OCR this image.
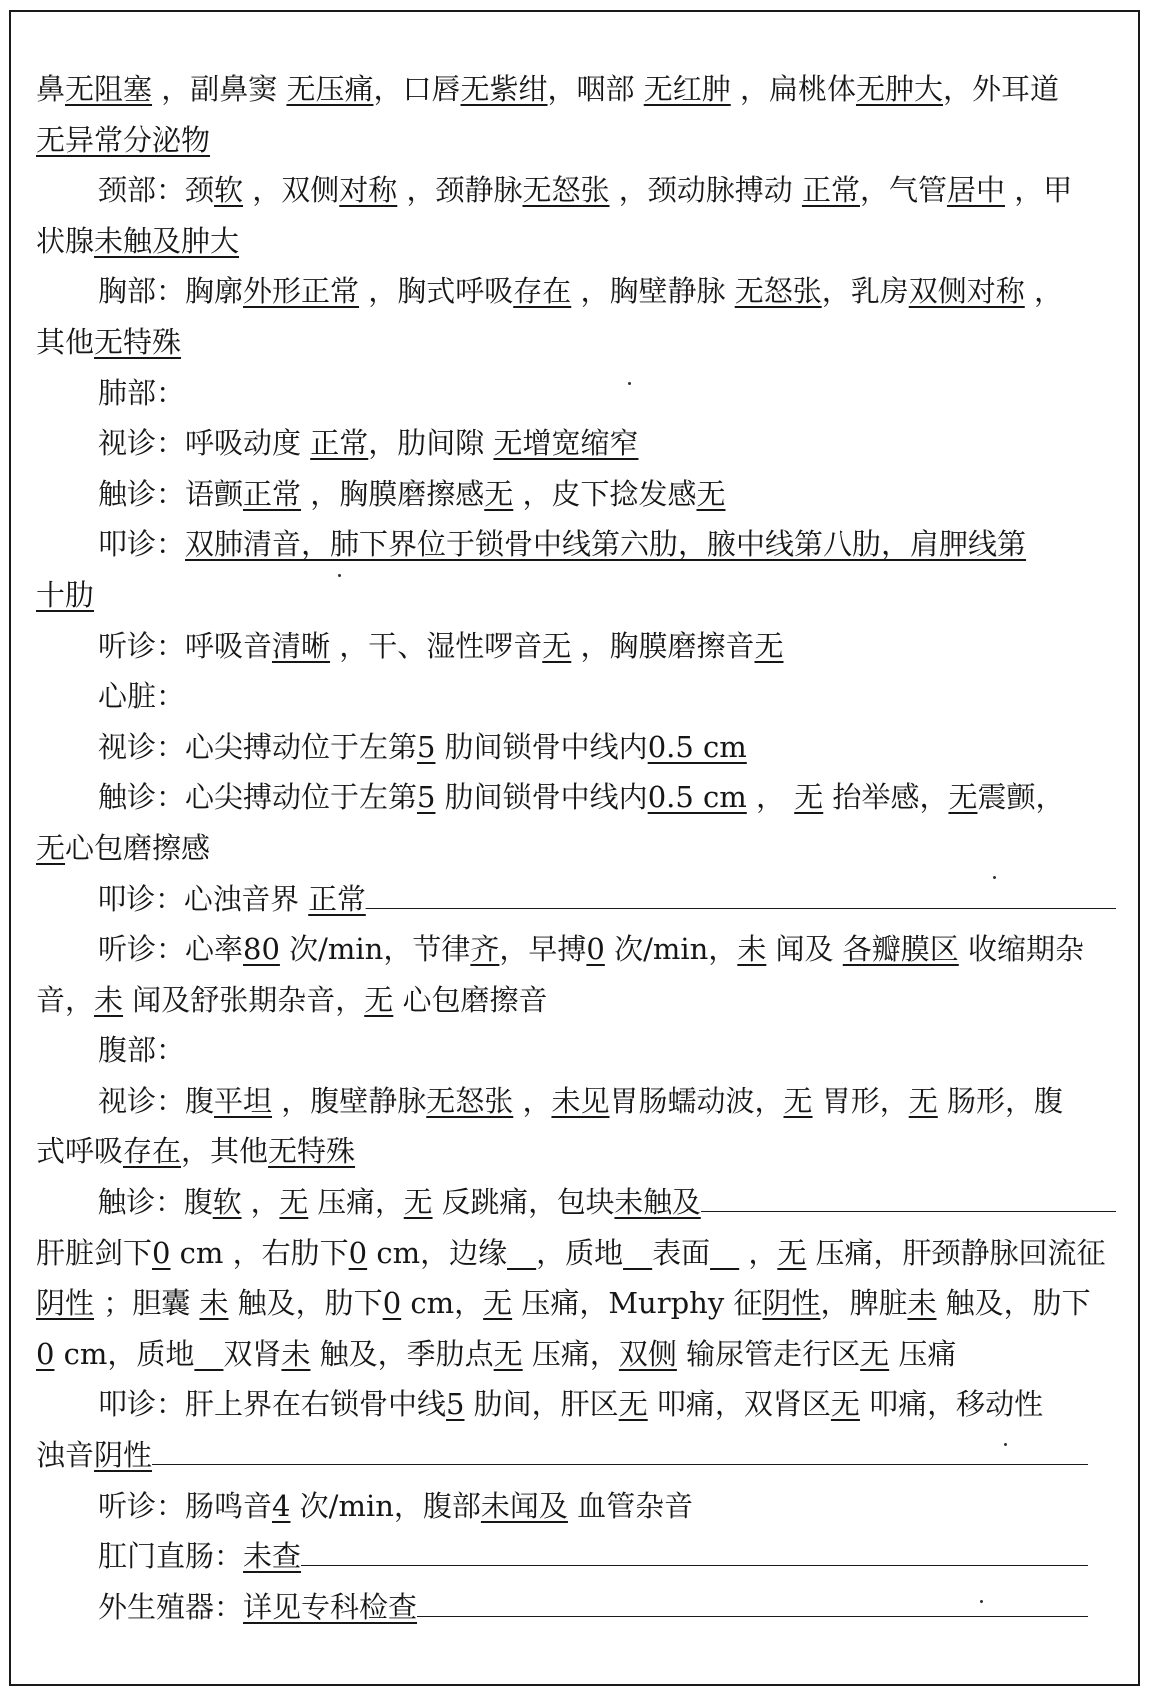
鼻无阻塞 ，副鼻窦 无压痛，口唇无紫绀，咽部 无红肿 ，扁桃体无肿大，外耳道
无异常分泌物
颈部：颈软 ，双侧对称 ，颈静脉无怒张 ，颈动脉搏动 正常，气管居中 ，甲
状腺未触及肿大
胸部：胸廓外形正常 ，胸式呼吸存在 ，胸壁静脉 无怒张，乳房双侧对称 ，
其他无特殊
肺部：
视诊：呼吸动度 正常，肋间隙 无增宽缩窄
触诊：语颤正常 ，胸膜磨擦感无 ，皮下捻发感无
叩诊：双肺清音，肺下界位于锁骨中线第六肋，腋中线第八肋，肩胛线第
十肋
听诊：呼吸音清晰 ，干、湿性啰音无 ，胸膜磨擦音无
心脏：
视诊：心尖搏动位于左第5 肋间锁骨中线内0.5 cm
触诊：心尖搏动位于左第5 肋间锁骨中线内0.5 cm ， 无 抬举感，无震颤，
无心包磨擦感
叩诊：心浊音界 正常
听诊：心率80 次/min，节律齐，早搏0 次/min，未 闻及 各瓣膜区 收缩期杂
音，未 闻及舒张期杂音，无 心包磨擦音
腹部：
视诊：腹平坦 ，腹壁静脉无怒张 ，未见胃肠蠕动波，无 胃形，无 肠形，腹
式呼吸存在，其他无特殊
触诊：腹软 ，无 压痛，无 反跳痛，包块未触及
肝脏剑下0 cm ，右肋下0 cm，边缘__，质地__表面__ ，无 压痛，肝颈静脉回流征
阴性 ；胆囊 未 触及，肋下0 cm，无 压痛，Murphy 征阴性，脾脏未 触及，肋下
0 cm，质地__双肾未 触及，季肋点无 压痛，双侧 输尿管走行区无 压痛
叩诊：肝上界在右锁骨中线5 肋间，肝区无 叩痛，双肾区无 叩痛，移动性
浊音阴性
听诊：肠鸣音4 次/min，腹部未闻及 血管杂音
肛门直肠：未查
外生殖器：详见专科检查
